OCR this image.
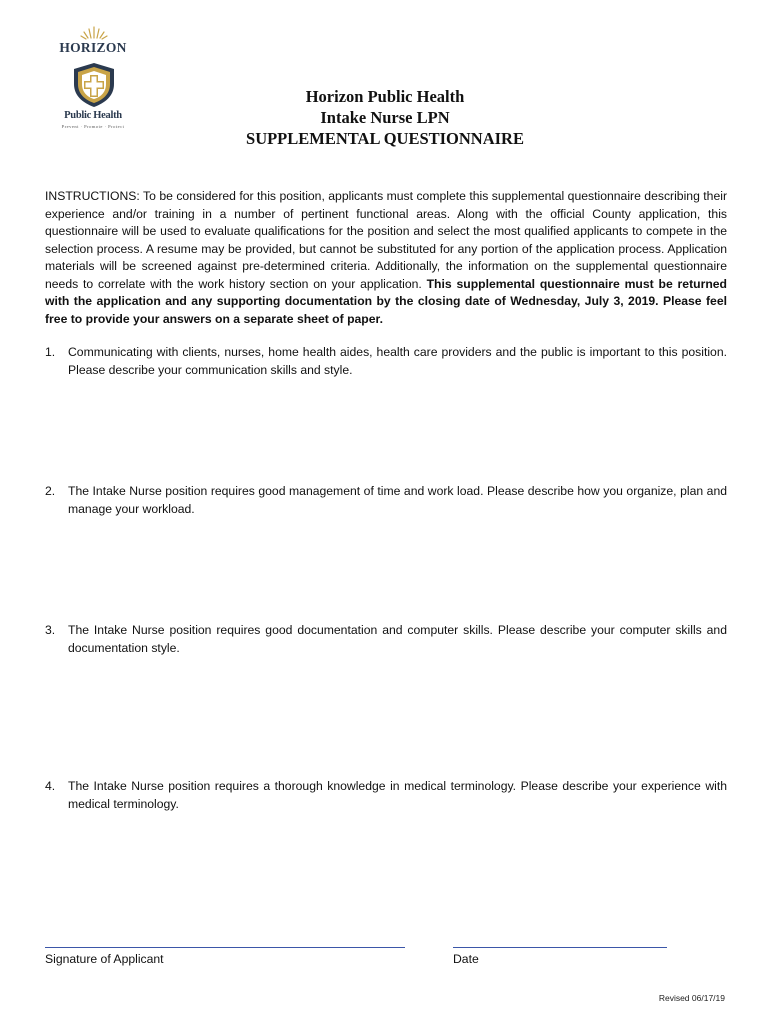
HORIZON
Public Health
Prevent · Promote · Protect
Horizon Public Health
Intake Nurse LPN
SUPPLEMENTAL QUESTIONNAIRE

INSTRUCTIONS: To be considered for this position, applicants must complete this supplemental questionnaire describing their experience and/or training in a number of pertinent functional areas. Along with the official County application, this questionnaire will be used to evaluate qualifications for the position and select the most qualified applicants to compete in the selection process. A resume may be provided, but cannot be substituted for any portion of the application process. Application materials will be screened against pre-determined criteria. Additionally, the information on the supplemental questionnaire needs to correlate with the work history section on your application. This supplemental questionnaire must be returned with the application and any supporting documentation by the closing date of Wednesday, July 3, 2019. Please feel free to provide your answers on a separate sheet of paper.

1. Communicating with clients, nurses, home health aides, health care providers and the public is important to this position. Please describe your communication skills and style.
2. The Intake Nurse position requires good management of time and work load. Please describe how you organize, plan and manage your workload.
3. The Intake Nurse position requires good documentation and computer skills. Please describe your computer skills and documentation style.
4. The Intake Nurse position requires a thorough knowledge in medical terminology. Please describe your experience with medical terminology.
Signature of Applicant	Date
Revised 06/17/19
